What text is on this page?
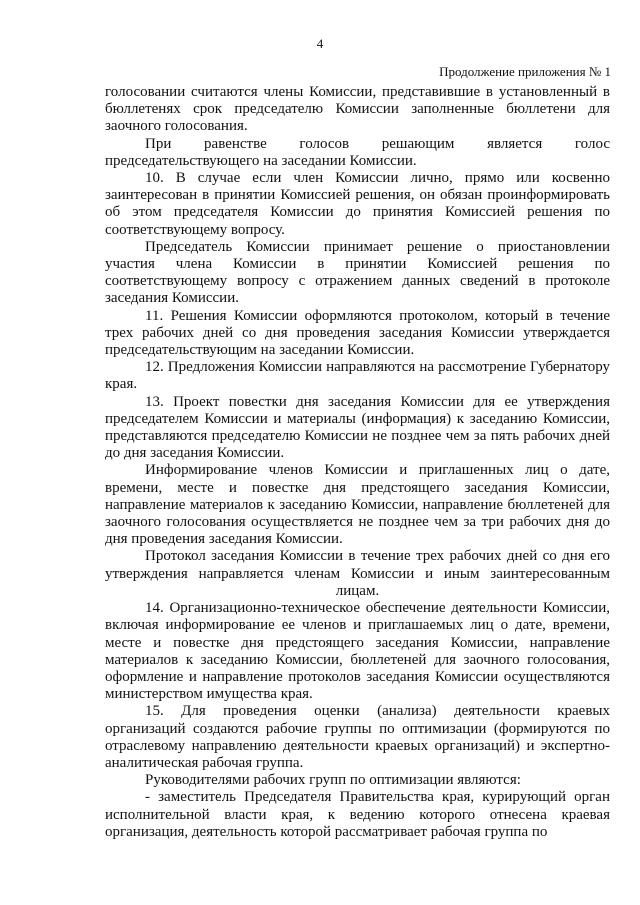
4
Продолжение приложения № 1

голосовании считаются члены Комиссии, представившие в установленный в бюллетенях срок председателю Комиссии заполненные бюллетени для заочного голосования.

При равенстве голосов решающим является голос председательствующего на заседании Комиссии.

10. В случае если член Комиссии лично, прямо или косвенно заинтересован в принятии Комиссией решения, он обязан проинформировать об этом председателя Комиссии до принятия Комиссией решения по соответствующему вопросу.

Председатель Комиссии принимает решение о приостановлении участия члена Комиссии в принятии Комиссией решения по соответствующему вопросу с отражением данных сведений в протоколе заседания Комиссии.

11. Решения Комиссии оформляются протоколом, который в течение трех рабочих дней со дня проведения заседания Комиссии утверждается председательствующим на заседании Комиссии.

12. Предложения Комиссии направляются на рассмотрение Губернатору края.

13. Проект повестки дня заседания Комиссии для ее утверждения председателем Комиссии и материалы (информация) к заседанию Комиссии, представляются председателю Комиссии не позднее чем за пять рабочих дней до дня заседания Комиссии.

Информирование членов Комиссии и приглашенных лиц о дате, времени, месте и повестке дня предстоящего заседания Комиссии, направление материалов к заседанию Комиссии, направление бюллетеней для заочного голосования осуществляется не позднее чем за три рабочих дня до дня проведения заседания Комиссии.

Протокол заседания Комиссии в течение трех рабочих дней со дня его утверждения направляется членам Комиссии и иным заинтересованным лицам.

14. Организационно-техническое обеспечение деятельности Комиссии, включая информирование ее членов и приглашаемых лиц о дате, времени, месте и повестке дня предстоящего заседания Комиссии, направление материалов к заседанию Комиссии, бюллетеней для заочного голосования, оформление и направление протоколов заседания Комиссии осуществляются министерством имущества края.

15. Для проведения оценки (анализа) деятельности краевых организаций создаются рабочие группы по оптимизации (формируются по отраслевому направлению деятельности краевых организаций) и экспертно-аналитическая рабочая группа.

Руководителями рабочих групп по оптимизации являются:

- заместитель Председателя Правительства края, курирующий орган исполнительной власти края, к ведению которого отнесена краевая организация, деятельность которой рассматривает рабочая группа по
